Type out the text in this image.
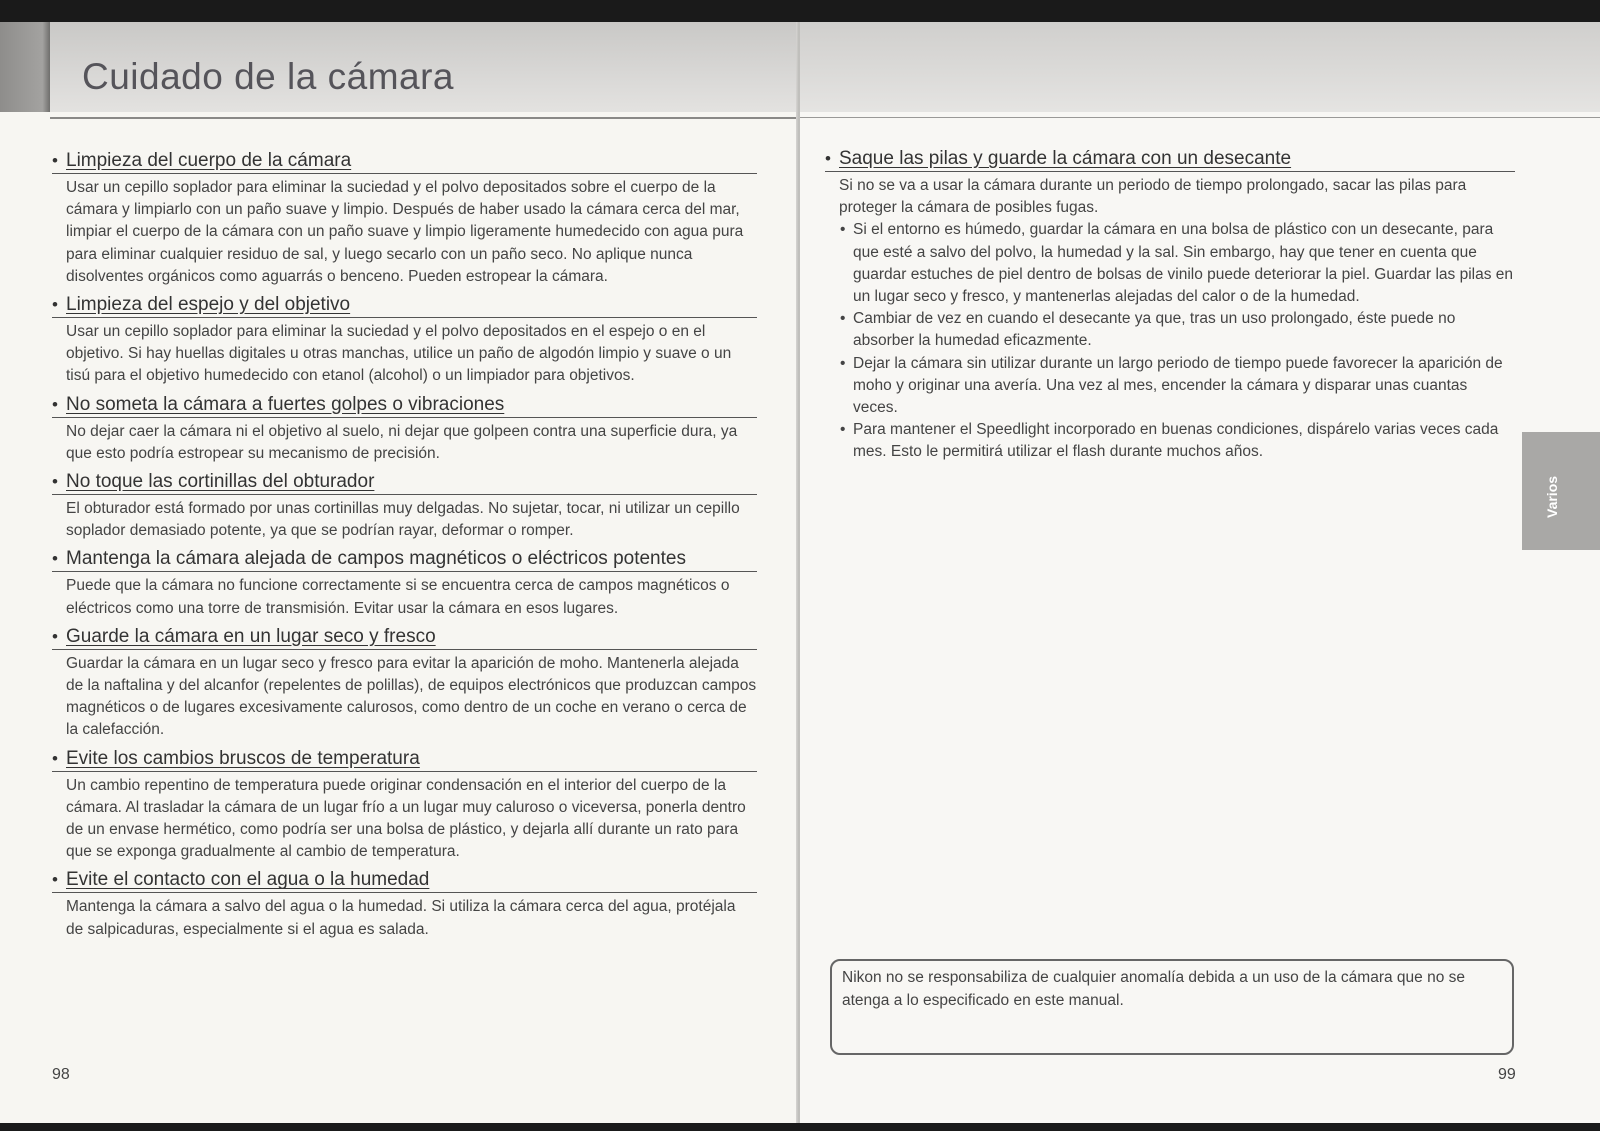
Cuidado de la cámara
• Limpieza del cuerpo de la cámara

Usar un cepillo soplador para eliminar la suciedad y el polvo depositados sobre el cuerpo de la cámara y limpiarlo con un paño suave y limpio. Después de haber usado la cámara cerca del mar, limpiar el cuerpo de la cámara con un paño suave y limpio ligeramente humedecido con agua pura para eliminar cualquier residuo de sal, y luego secarlo con un paño seco. No aplique nunca disolventes orgánicos como aguarrás o benceno. Pueden estropear la cámara.

• Limpieza del espejo y del objetivo

Usar un cepillo soplador para eliminar la suciedad y el polvo depositados en el espejo o en el objetivo. Si hay huellas digitales u otras manchas, utilice un paño de algodón limpio y suave o un tisú para el objetivo humedecido con etanol (alcohol) o un limpiador para objetivos.

• No someta la cámara a fuertes golpes o vibraciones

No dejar caer la cámara ni el objetivo al suelo, ni dejar que golpeen contra una superficie dura, ya que esto podría estropear su mecanismo de precisión.

• No toque las cortinillas del obturador

El obturador está formado por unas cortinillas muy delgadas. No sujetar, tocar, ni utilizar un cepillo soplador demasiado potente, ya que se podrían rayar, deformar o romper.

• Mantenga la cámara alejada de campos magnéticos o eléctricos potentes

Puede que la cámara no funcione correctamente si se encuentra cerca de campos magnéticos o eléctricos como una torre de transmisión. Evitar usar la cámara en esos lugares.

• Guarde la cámara en un lugar seco y fresco

Guardar la cámara en un lugar seco y fresco para evitar la aparición de moho. Mantenerla alejada de la naftalina y del alcanfor (repelentes de polillas), de equipos electrónicos que produzcan campos magnéticos o de lugares excesivamente calurosos, como dentro de un coche en verano o cerca de la calefacción.

• Evite los cambios bruscos de temperatura

Un cambio repentino de temperatura puede originar condensación en el interior del cuerpo de la cámara. Al trasladar la cámara de un lugar frío a un lugar muy caluroso o viceversa, ponerla dentro de un envase hermético, como podría ser una bolsa de plástico, y dejarla allí durante un rato para que se exponga gradualmente al cambio de temperatura.

• Evite el contacto con el agua o la humedad

Mantenga la cámara a salvo del agua o la humedad. Si utiliza la cámara cerca del agua, protéjala de salpicaduras, especialmente si el agua es salada.

98
• Saque las pilas y guarde la cámara con un desecante

Si no se va a usar la cámara durante un periodo de tiempo prolongado, sacar las pilas para proteger la cámara de posibles fugas.

• Si el entorno es húmedo, guardar la cámara en una bolsa de plástico con un desecante, para que esté a salvo del polvo, la humedad y la sal. Sin embargo, hay que tener en cuenta que guardar estuches de piel dentro de bolsas de vinilo puede deteriorar la piel. Guardar las pilas en un lugar seco y fresco, y mantenerlas alejadas del calor o de la humedad.
• Cambiar de vez en cuando el desecante ya que, tras un uso prolongado, éste puede no absorber la humedad eficazmente.
• Dejar la cámara sin utilizar durante un largo periodo de tiempo puede favorecer la aparición de moho y originar una avería. Una vez al mes, encender la cámara y disparar unas cuantas veces.
• Para mantener el Speedlight incorporado en buenas condiciones, dispárelo varias veces cada mes. Esto le permitirá utilizar el flash durante muchos años.
Varios

Nikon no se responsabiliza de cualquier anomalía debida a un uso de la cámara que no se atenga a lo especificado en este manual.

99
